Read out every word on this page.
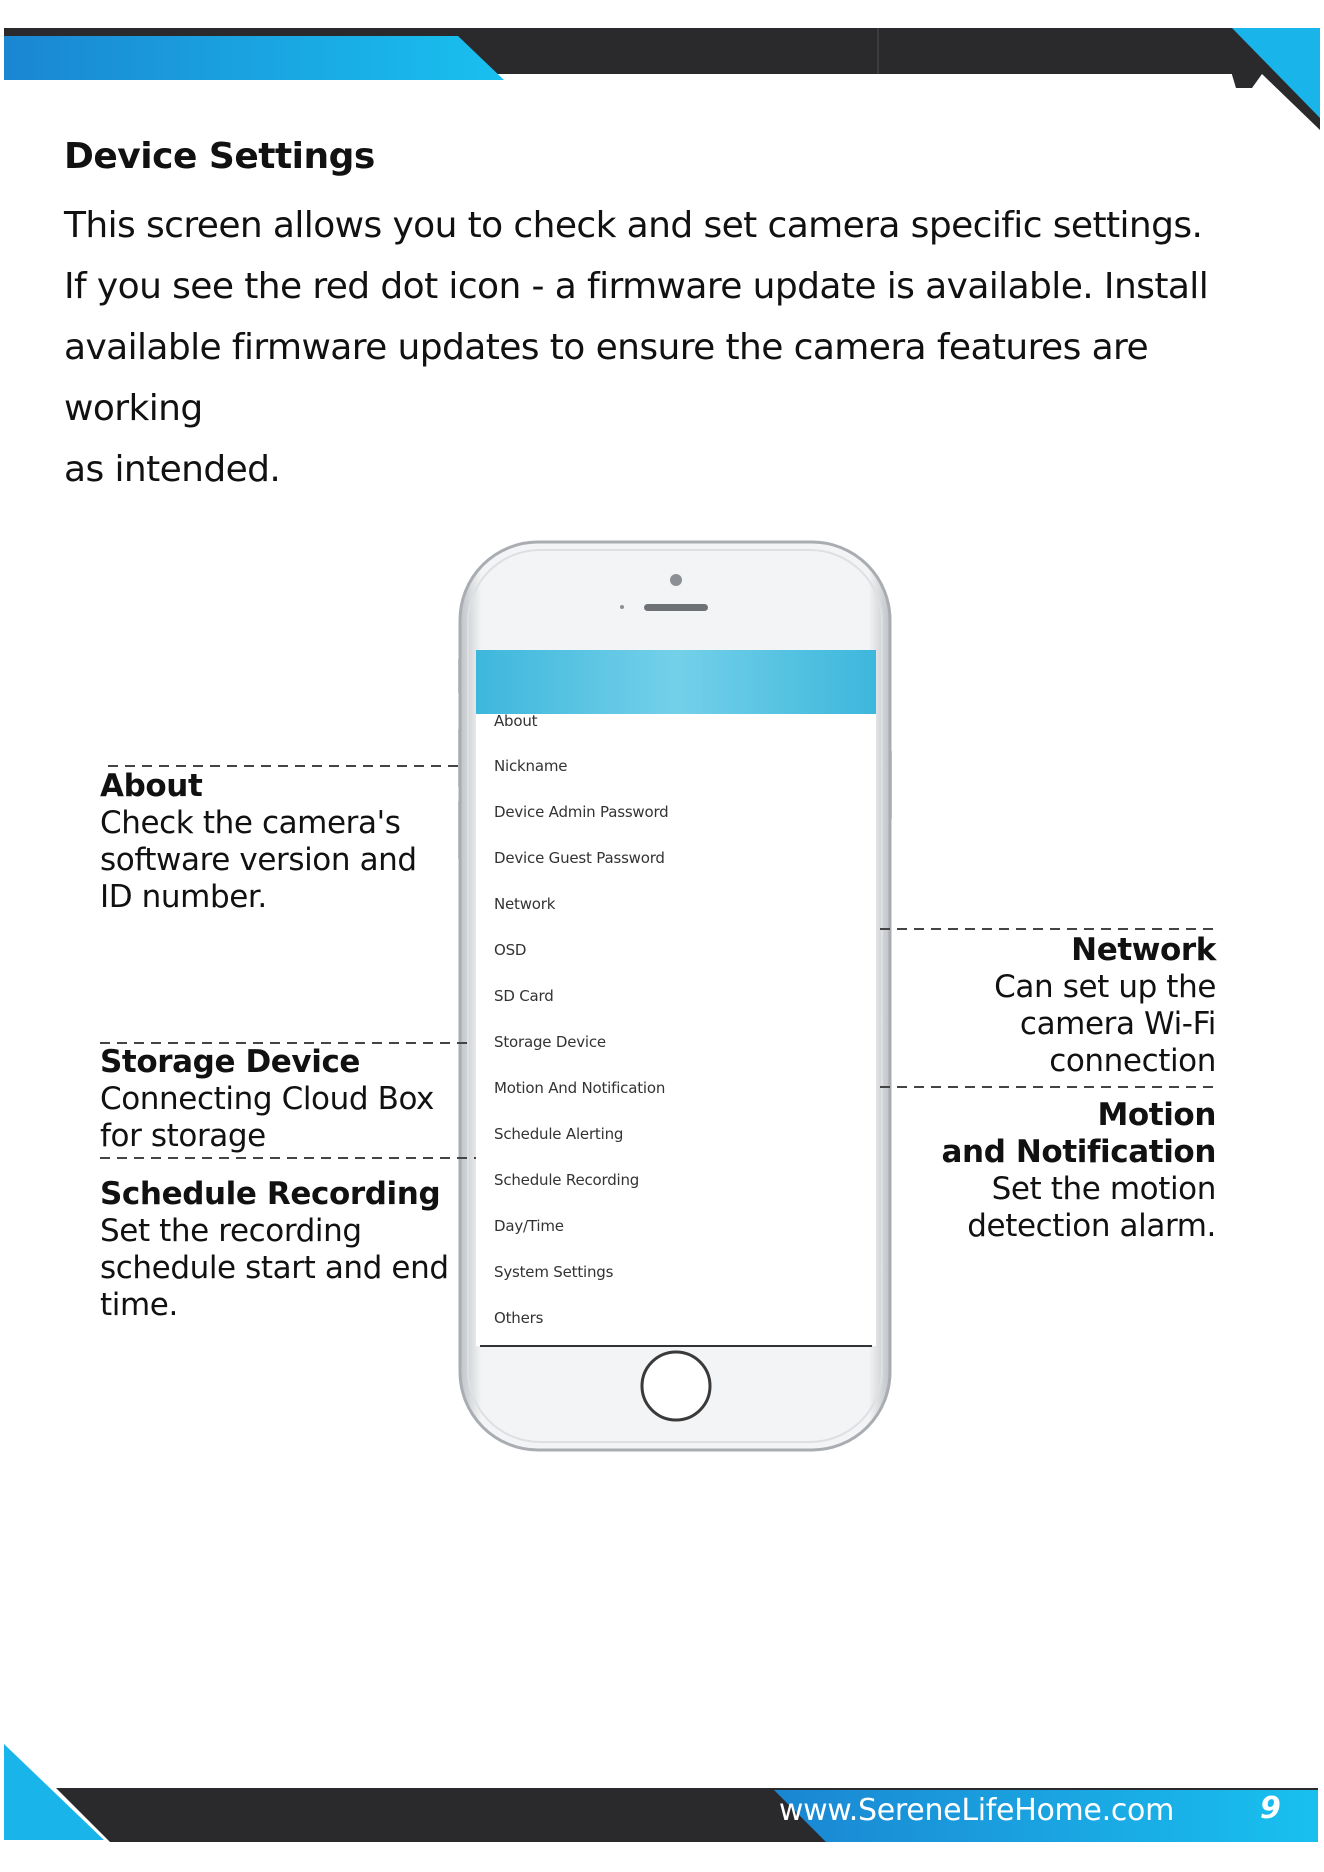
Device Settings

This screen allows you to check and set camera specific settings.

If you see the red dot icon - a firmware update is available. Install

available firmware updates to ensure the camera features are working

as intended.

About
Nickname
Device Admin Password
Device Guest Password
Network
OSD
SD Card
Storage Device
Motion And Notification
Schedule Alerting
Schedule Recording
Day/Time
System Settings
Others
About
Check the camera's
software version and
ID number.
Storage Device
Connecting Cloud Box
for storage
Schedule Recording
Set the recording
schedule start and end
time.
Network
Can set up the
camera Wi-Fi
connection
Motion
and Notification
Set the motion
detection alarm.
www.SereneLifeHome.com	9
